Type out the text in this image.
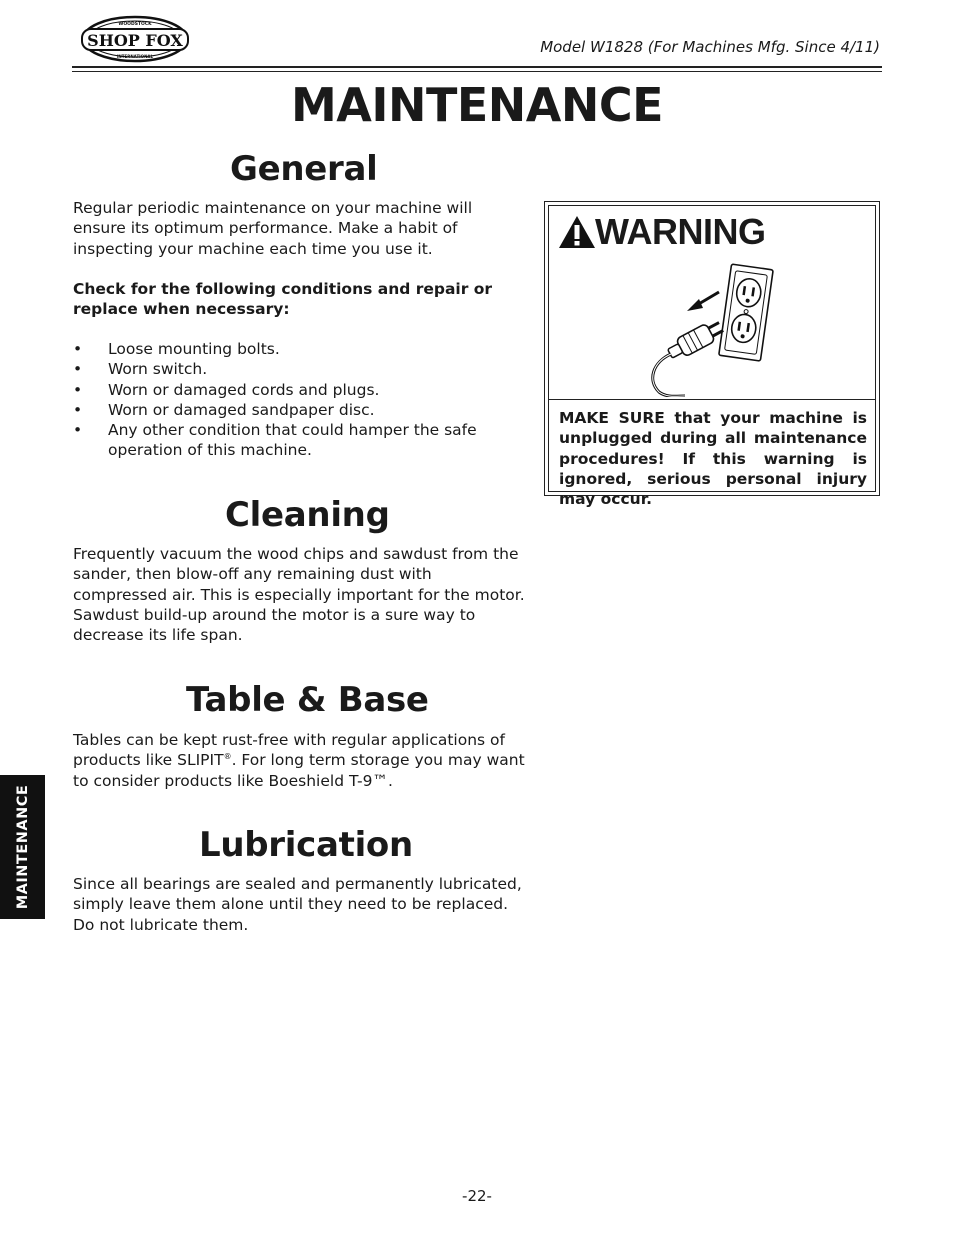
SHOP FOX
WOODSTOCK
INTERNATIONAL
Model W1828 (For Machines Mfg. Since 4/11)
MAINTENANCE
General

Regular periodic maintenance on your machine will ensure its optimum performance. Make a habit of inspecting your machine each time you use it.

Check for the following conditions and repair or replace when necessary:

• Loose mounting bolts.
• Worn switch.
• Worn or damaged cords and plugs.
• Worn or damaged sandpaper disc.
• Any other condition that could hamper the safe operation of this machine.
Cleaning

Frequently vacuum the wood chips and sawdust from the sander, then blow-off any remaining dust with compressed air. This is especially important for the motor. Sawdust build-up around the motor is a sure way to decrease its life span.

Table & Base

Tables can be kept rust-free with regular applications of products like SLIPIT®. For long term storage you may want to consider products like Boeshield T-9™.

Lubrication

Since all bearings are sealed and permanently lubricated, simply leave them alone until they need to be replaced. Do not lubricate them.

WARNING

MAKE SURE that your machine is unplugged during all maintenance procedures! If this warning is ignored, serious personal injury may occur.

MAINTENANCE
-22-
